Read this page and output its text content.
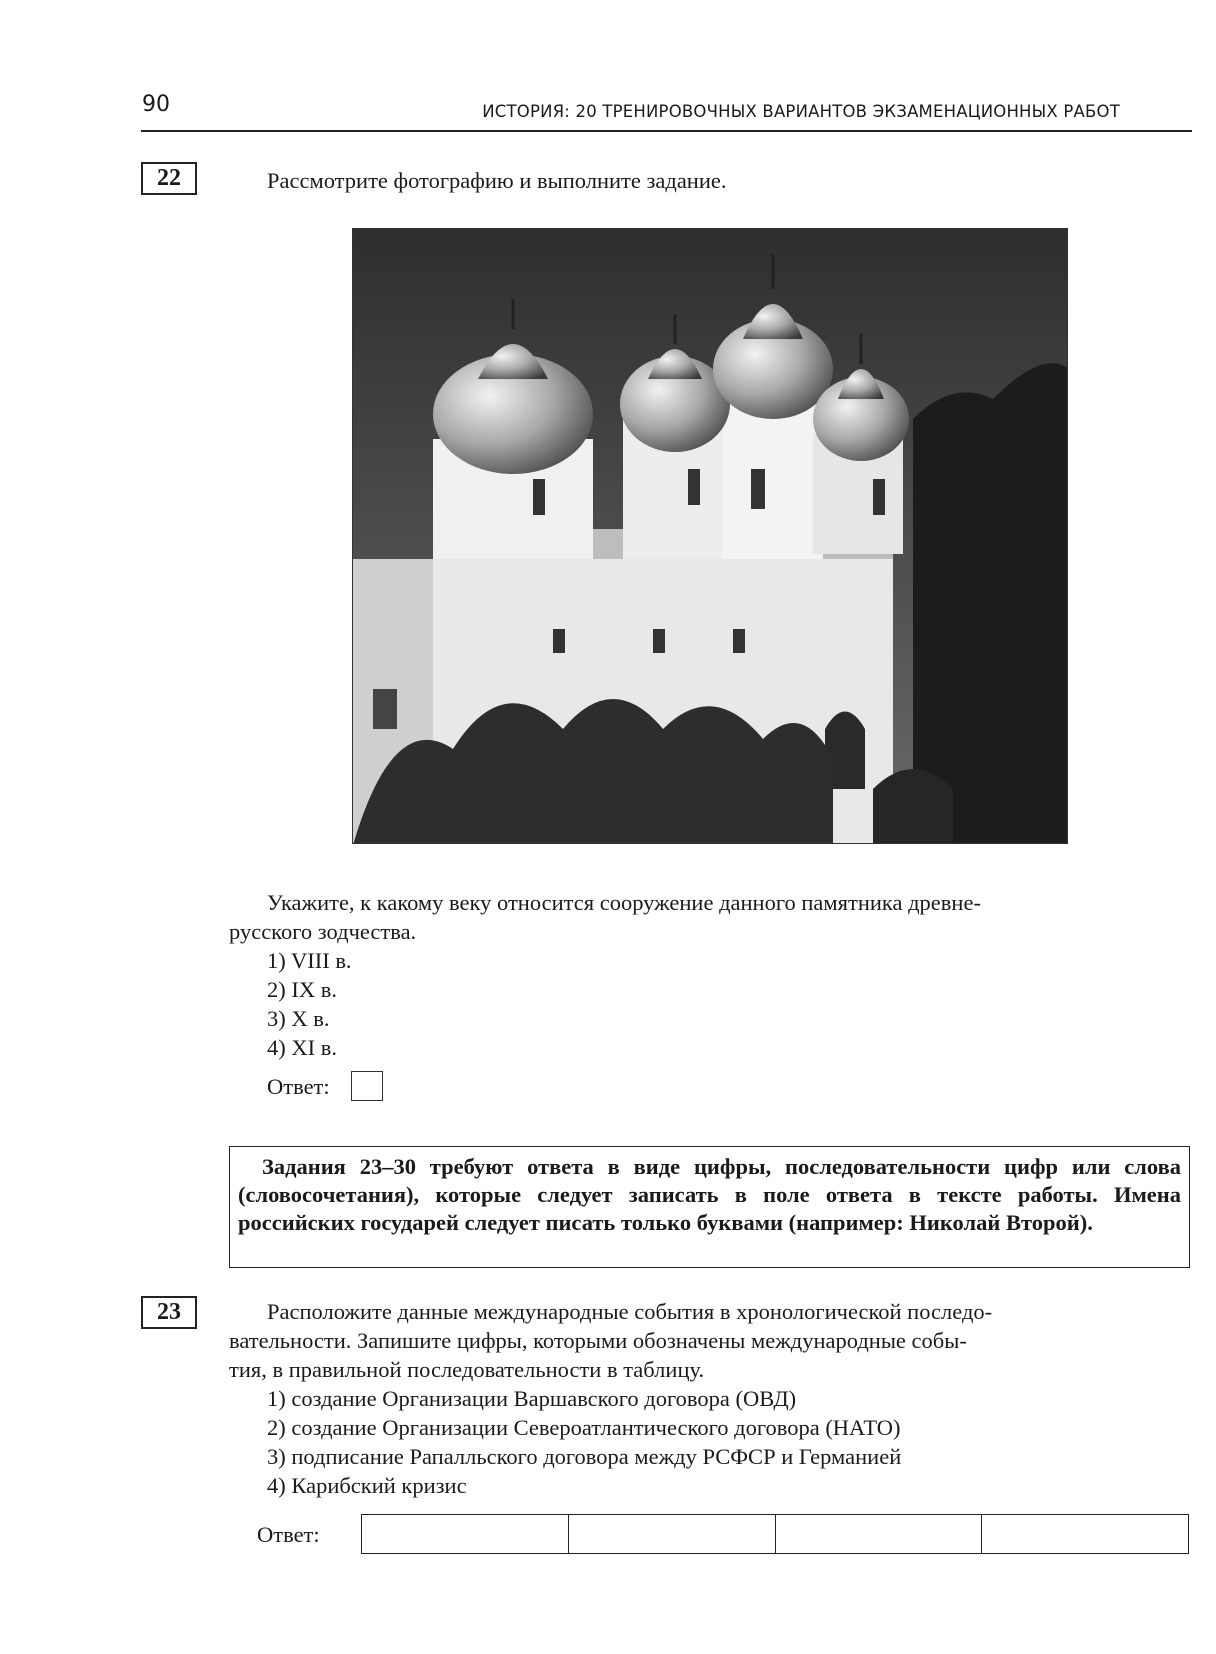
90	ИСТОРИЯ: 20 ТРЕНИРОВОЧНЫХ ВАРИАНТОВ ЭКЗАМЕНАЦИОННЫХ РАБОТ
22	Рассмотрите фотографию и выполните задание.
Укажите, к какому веку относится сооружение данного памятника древне-
русского зодчества.
1) VIII в.
2) IX в.
3) X в.
4) XI в.
Ответ:
Задания 23–30 требуют ответа в виде цифры, последовательности цифр или слова (словосочетания), которые следует записать в поле ответа в тексте работы. Имена российских государей следует писать только буквами (например: Николай Второй).
23	Расположите данные международные события в хронологической последо-
вательности. Запишите цифры, которыми обозначены международные собы-
тия, в правильной последовательности в таблицу.
1) создание Организации Варшавского договора (ОВД)
2) создание Организации Североатлантического договора (НАТО)
3) подписание Рапалльского договора между РСФСР и Германией
4) Карибский кризис
Ответ:
